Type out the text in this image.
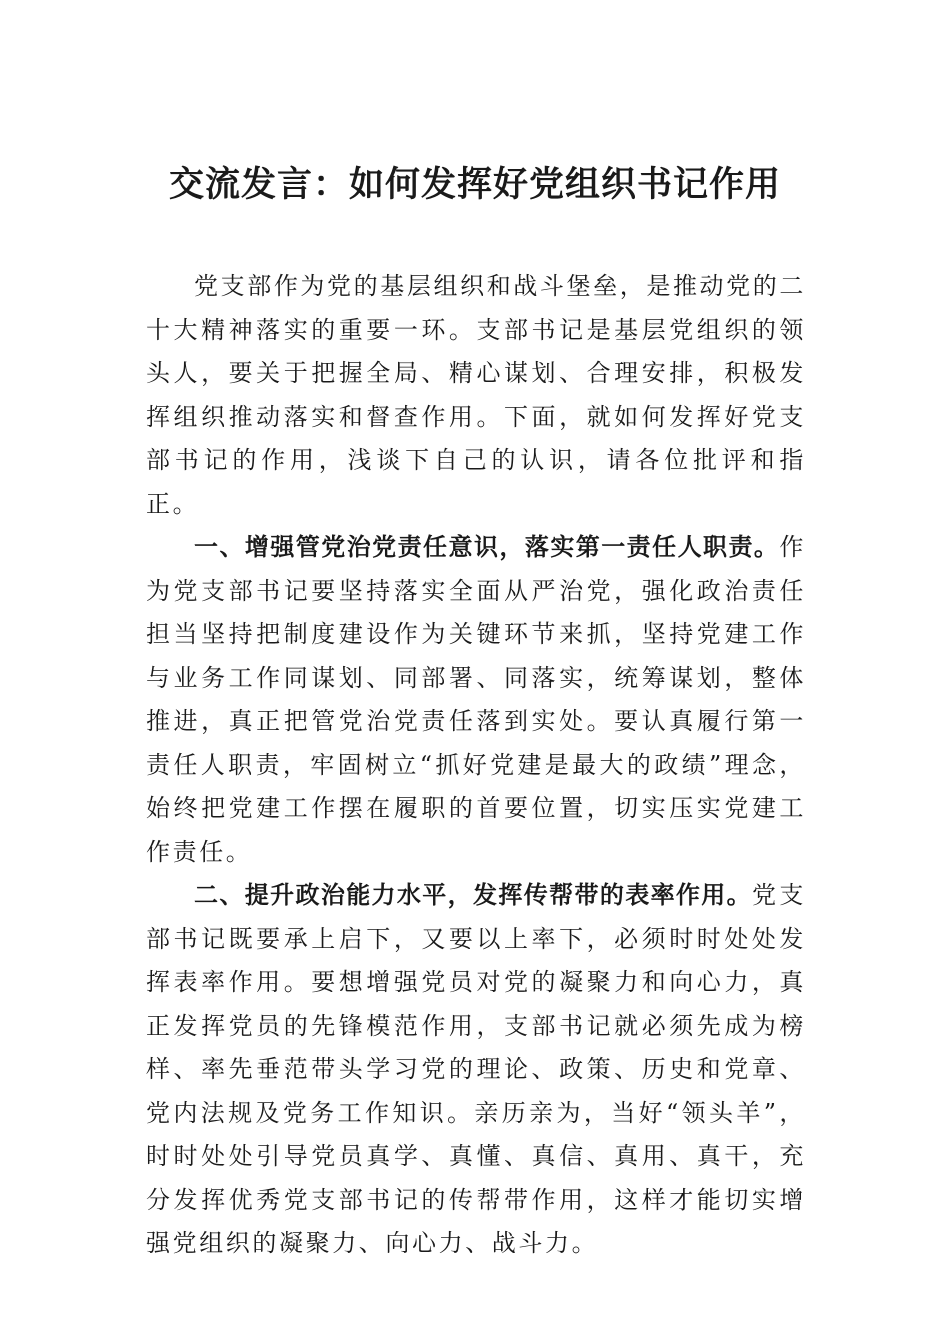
交流发言：如何发挥好党组织书记作用

党支部作为党的基层组织和战斗堡垒，是推动党的二十大精神落实的重要一环。支部书记是基层党组织的领头人，要关于把握全局、精心谋划、合理安排，积极发挥组织推动落实和督查作用。下面，就如何发挥好党支部书记的作用，浅谈下自己的认识，请各位批评和指正。

一、增强管党治党责任意识，落实第一责任人职责。作为党支部书记要坚持落实全面从严治党，强化政治责任担当坚持把制度建设作为关键环节来抓，坚持党建工作与业务工作同谋划、同部署、同落实，统筹谋划，整体推进，真正把管党治党责任落到实处。要认真履行第一责任人职责，牢固树立“抓好党建是最大的政绩”理念，始终把党建工作摆在履职的首要位置，切实压实党建工作责任。

二、提升政治能力水平，发挥传帮带的表率作用。党支部书记既要承上启下，又要以上率下，必须时时处处发挥表率作用。要想增强党员对党的凝聚力和向心力，真正发挥党员的先锋模范作用，支部书记就必须先成为榜样、率先垂范带头学习党的理论、政策、历史和党章、党内法规及党务工作知识。亲历亲为，当好“领头羊”，时时处处引导党员真学、真懂、真信、真用、真干，充分发挥优秀党支部书记的传帮带作用，这样才能切实增强党组织的凝聚力、向心力、战斗力。
